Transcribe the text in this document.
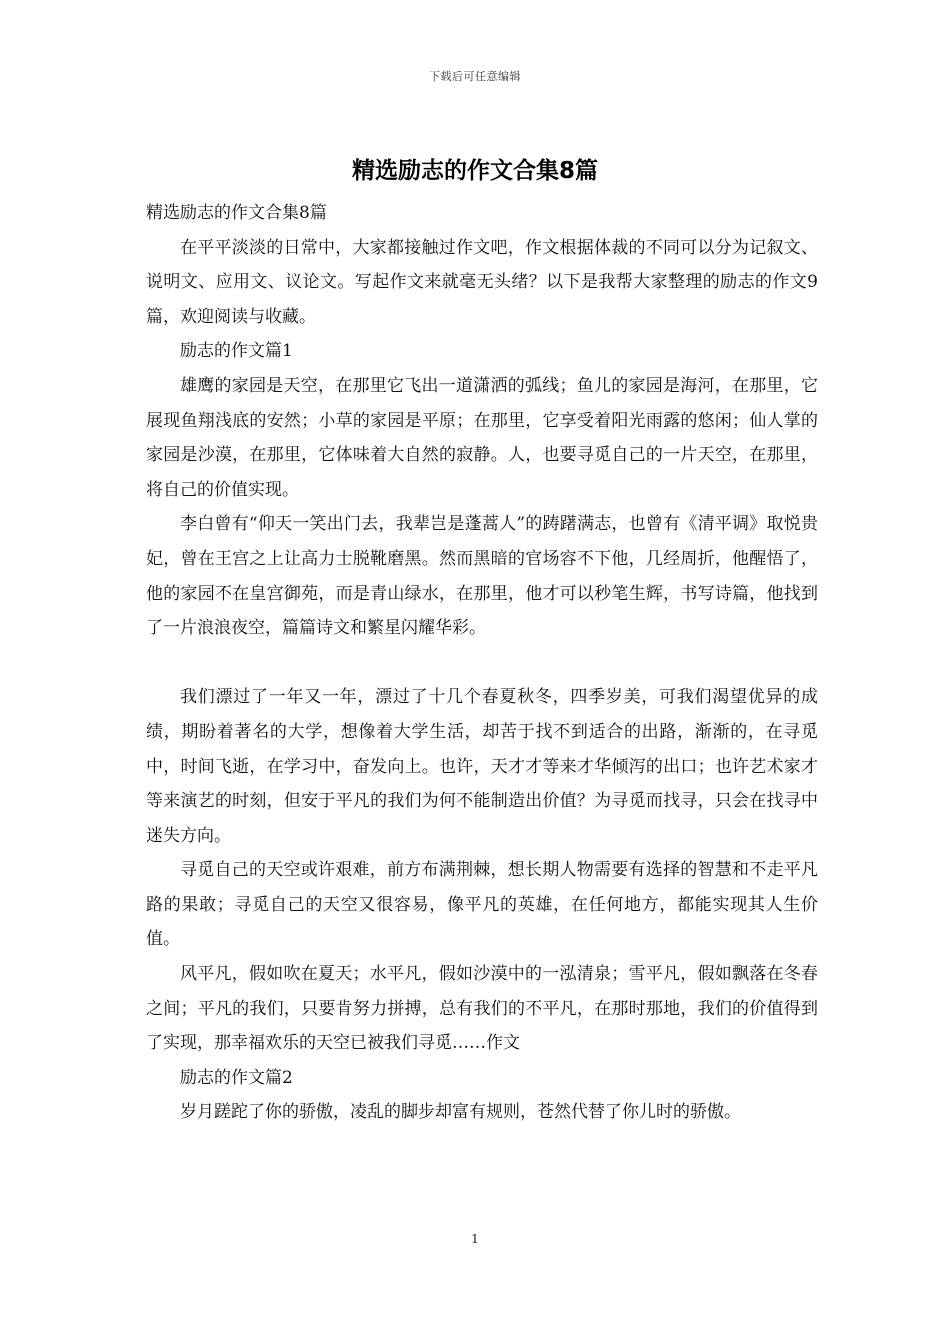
下载后可任意编辑
精选励志的作文合集8篇

精选励志的作文合集8篇

在平平淡淡的日常中，大家都接触过作文吧，作文根据体裁的不同可以分为记叙文、说明文、应用文、议论文。写起作文来就毫无头绪？以下是我帮大家整理的励志的作文9篇，欢迎阅读与收藏。

励志的作文篇1

雄鹰的家园是天空，在那里它飞出一道潇洒的弧线；鱼儿的家园是海河，在那里，它展现鱼翔浅底的安然；小草的家园是平原；在那里，它享受着阳光雨露的悠闲；仙人掌的家园是沙漠，在那里，它体味着大自然的寂静。人，也要寻觅自己的一片天空，在那里，将自己的价值实现。

李白曾有“仰天一笑出门去，我辈岂是蓬蒿人”的踌躇满志，也曾有《清平调》取悦贵妃，曾在王宫之上让高力士脱靴磨黑。然而黑暗的官场容不下他，几经周折，他醒悟了，他的家园不在皇宫御苑，而是青山绿水，在那里，他才可以秒笔生辉，书写诗篇，他找到了一片浪浪夜空，篇篇诗文和繁星闪耀华彩。

我们漂过了一年又一年，漂过了十几个春夏秋冬，四季岁美，可我们渴望优异的成绩，期盼着著名的大学，想像着大学生活，却苦于找不到适合的出路，渐渐的，在寻觅中，时间飞逝，在学习中，奋发向上。也许，天才才等来才华倾泻的出口；也许艺术家才等来演艺的时刻，但安于平凡的我们为何不能制造出价值？为寻觅而找寻，只会在找寻中迷失方向。

寻觅自己的天空或许艰难，前方布满荆棘，想长期人物需要有选择的智慧和不走平凡路的果敢；寻觅自己的天空又很容易，像平凡的英雄，在任何地方，都能实现其人生价值。

风平凡，假如吹在夏天；水平凡，假如沙漠中的一泓清泉；雪平凡，假如飘落在冬春之间；平凡的我们，只要肯努力拼搏，总有我们的不平凡，在那时那地，我们的价值得到了实现，那幸福欢乐的天空已被我们寻觅……作文

励志的作文篇2

岁月蹉跎了你的骄傲，凌乱的脚步却富有规则，苍然代替了你儿时的骄傲。

1
